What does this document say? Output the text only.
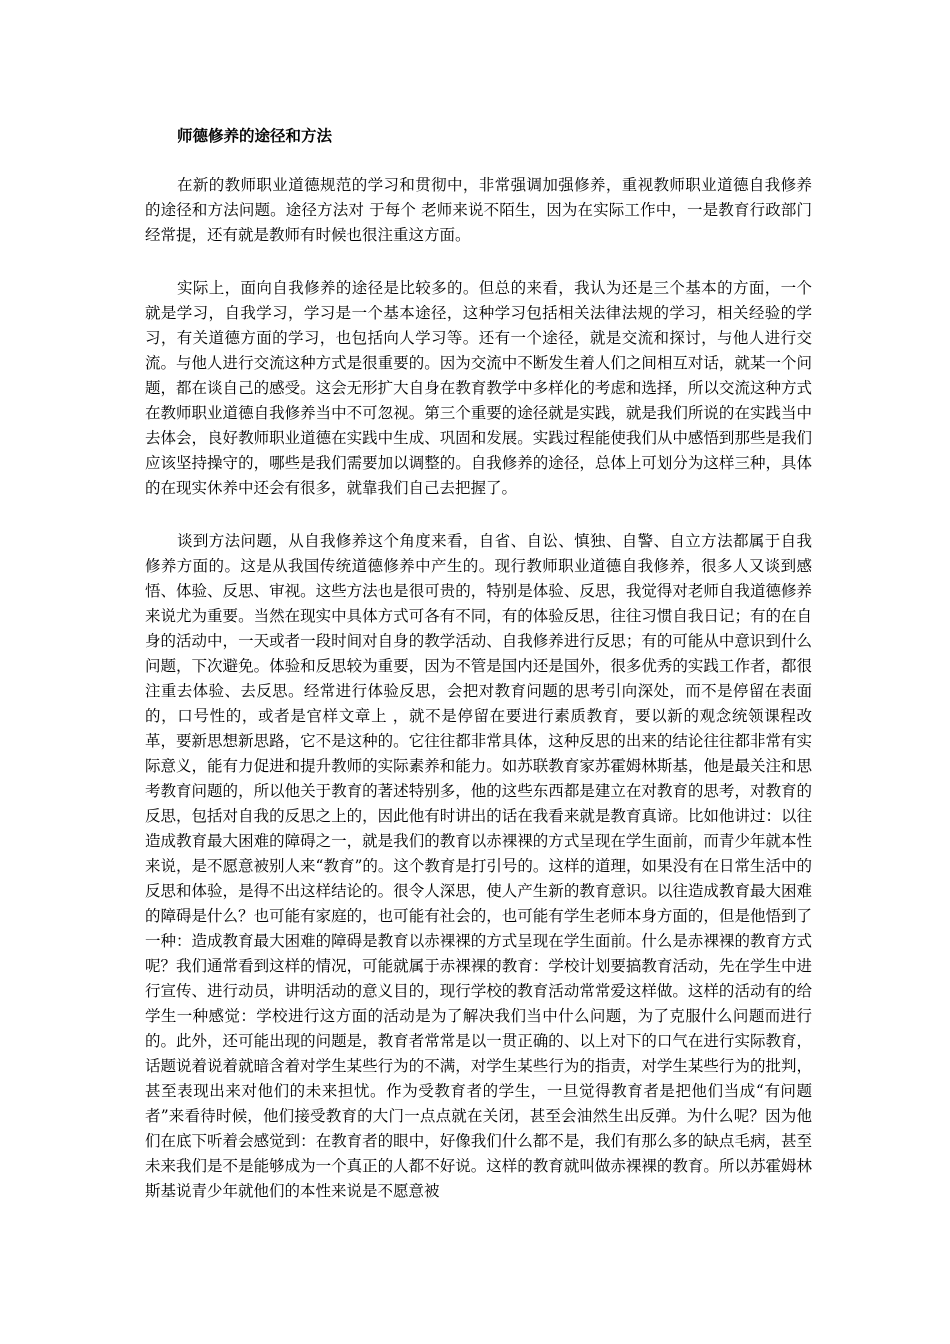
师德修养的途径和方法

在新的教师职业道德规范的学习和贯彻中，非常强调加强修养，重视教师职业道德自我修养的途径和方法问题。途径方法对 于每个 老师来说不陌生，因为在实际工作中，一是教育行政部门经常提，还有就是教师有时候也很注重这方面。

实际上，面向自我修养的途径是比较多的。但总的来看，我认为还是三个基本的方面，一个就是学习，自我学习，学习是一个基本途径，这种学习包括相关法律法规的学习，相关经验的学习，有关道德方面的学习，也包括向人学习等。还有一个途径，就是交流和探讨，与他人进行交流。与他人进行交流这种方式是很重要的。因为交流中不断发生着人们之间相互对话，就某一个问题，都在谈自己的感受。这会无形扩大自身在教育教学中多样化的考虑和选择，所以交流这种方式在教师职业道德自我修养当中不可忽视。第三个重要的途径就是实践，就是我们所说的在实践当中去体会，良好教师职业道德在实践中生成、巩固和发展。实践过程能使我们从中感悟到那些是我们应该坚持操守的，哪些是我们需要加以调整的。自我修养的途径，总体上可划分为这样三种，具体的在现实休养中还会有很多，就靠我们自己去把握了。

谈到方法问题，从自我修养这个角度来看，自省、自讼、慎独、自警、自立方法都属于自我修养方面的。这是从我国传统道德修养中产生的。现行教师职业道德自我修养，很多人又谈到感悟、体验、反思、审视。这些方法也是很可贵的，特别是体验、反思，我觉得对老师自我道德修养来说尤为重要。当然在现实中具体方式可各有不同，有的体验反思，往往习惯自我日记；有的在自身的活动中，一天或者一段时间对自身的教学活动、自我修养进行反思；有的可能从中意识到什么问题，下次避免。体验和反思较为重要，因为不管是国内还是国外，很多优秀的实践工作者，都很注重去体验、去反思。经常进行体验反思，会把对教育问题的思考引向深处，而不是停留在表面的，口号性的，或者是官样文章上 ，就不是停留在要进行素质教育，要以新的观念统领课程改革，要新思想新思路，它不是这种的。它往往都非常具体，这种反思的出来的结论往往都非常有实际意义，能有力促进和提升教师的实际素养和能力。如苏联教育家苏霍姆林斯基，他是最关注和思考教育问题的，所以他关于教育的著述特别多，他的这些东西都是建立在对教育的思考，对教育的反思，包括对自我的反思之上的，因此他有时讲出的话在我看来就是教育真谛。比如他讲过：以往造成教育最大困难的障碍之一，就是我们的教育以赤裸裸的方式呈现在学生面前，而青少年就本性来说，是不愿意被别人来“教育”的。这个教育是打引号的。这样的道理，如果没有在日常生活中的反思和体验，是得不出这样结论的。很令人深思，使人产生新的教育意识。以往造成教育最大困难的障碍是什么？也可能有家庭的，也可能有社会的，也可能有学生老师本身方面的，但是他悟到了一种：造成教育最大困难的障碍是教育以赤裸裸的方式呈现在学生面前。什么是赤裸裸的教育方式呢？我们通常看到这样的情况，可能就属于赤裸裸的教育：学校计划要搞教育活动，先在学生中进行宣传、进行动员，讲明活动的意义目的，现行学校的教育活动常常爱这样做。这样的活动有的给学生一种感觉：学校进行这方面的活动是为了解决我们当中什么问题，为了克服什么问题而进行的。此外，还可能出现的问题是，教育者常常是以一贯正确的、以上对下的口气在进行实际教育，话题说着说着就暗含着对学生某些行为的不满，对学生某些行为的指责，对学生某些行为的批判，甚至表现出来对他们的未来担忧。作为受教育者的学生，一旦觉得教育者是把他们当成“有问题者”来看待时候，他们接受教育的大门一点点就在关闭，甚至会油然生出反弹。为什么呢？因为他们在底下听着会感觉到：在教育者的眼中，好像我们什么都不是，我们有那么多的缺点毛病，甚至未来我们是不是能够成为一个真正的人都不好说。这样的教育就叫做赤裸裸的教育。所以苏霍姆林斯基说青少年就他们的本性来说是不愿意被
